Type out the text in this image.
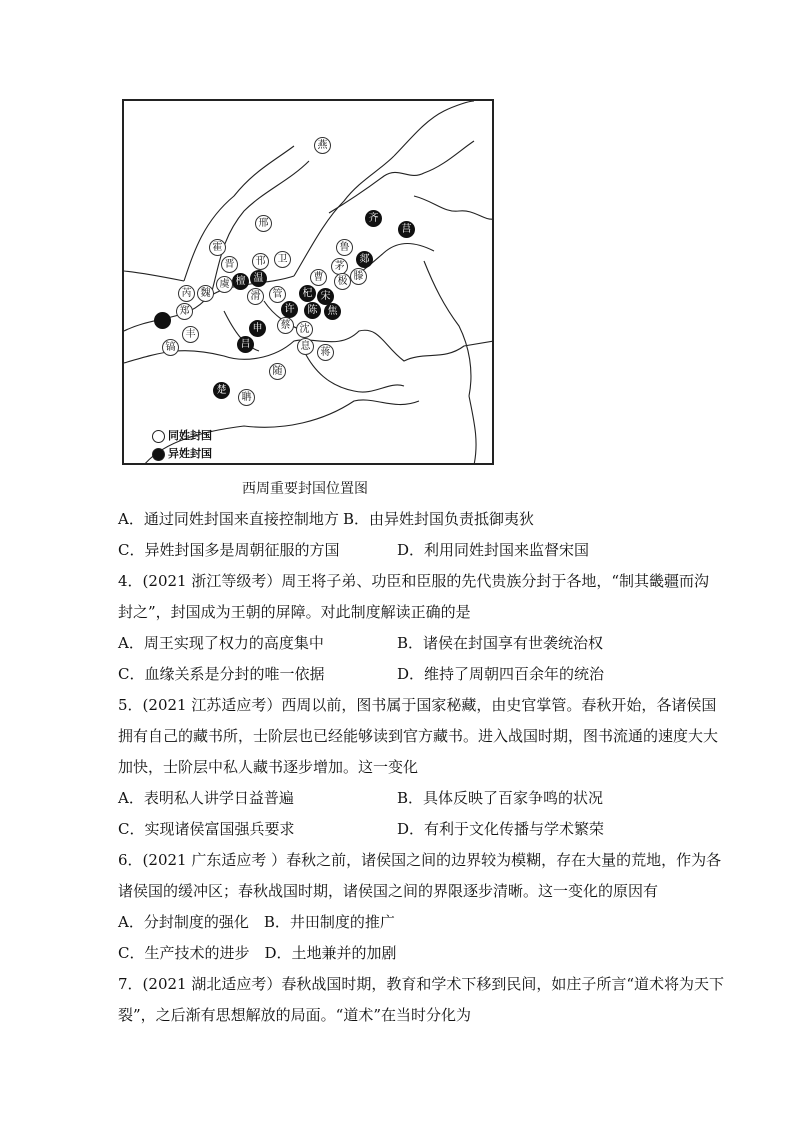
燕
邢	齐
莒
霍
晋	邗	卫
温
檀
虞
鲁
郯
茅
曹	极 滕
芮 魏	滑	管	杞 宋
郑	许	陈	焦
丰
申	蔡 沈
镐	吕	息
蒋
随
楚
聃
同姓封国
异姓封国
西周重要封国位置图
A．通过同姓封国来直接控制地方 B．由异姓封国负责抵御夷狄
C．异姓封国多是周朝征服的方国	D．利用同姓封国来监督宋国
4．(2021 浙江等级考）周王将子弟、功臣和臣服的先代贵族分封于各地，“制其畿疆而沟
封之”，封国成为王朝的屏障。对此制度解读正确的是
A．周王实现了权力的高度集中	B．诸侯在封国享有世袭统治权
C．血缘关系是分封的唯一依据	D．维持了周朝四百余年的统治
5．(2021 江苏适应考）西周以前，图书属于国家秘藏，由史官掌管。春秋开始，各诸侯国
拥有自己的藏书所，士阶层也已经能够读到官方藏书。进入战国时期，图书流通的速度大大
加快，士阶层中私人藏书逐步增加。这一变化
A．表明私人讲学日益普遍	B．具体反映了百家争鸣的状况
C．实现诸侯富国强兵要求	D．有利于文化传播与学术繁荣
6．(2021 广东适应考 ）春秋之前，诸侯国之间的边界较为模糊，存在大量的荒地，作为各
诸侯国的缓冲区；春秋战国时期，诸侯国之间的界限逐步清晰。这一变化的原因有
A．分封制度的强化　B．井田制度的推广
C．生产技术的进步　D．土地兼并的加剧
7．(2021 湖北适应考）春秋战国时期，教育和学术下移到民间，如庄子所言“道术将为天下
裂”，之后渐有思想解放的局面。“道术”在当时分化为
